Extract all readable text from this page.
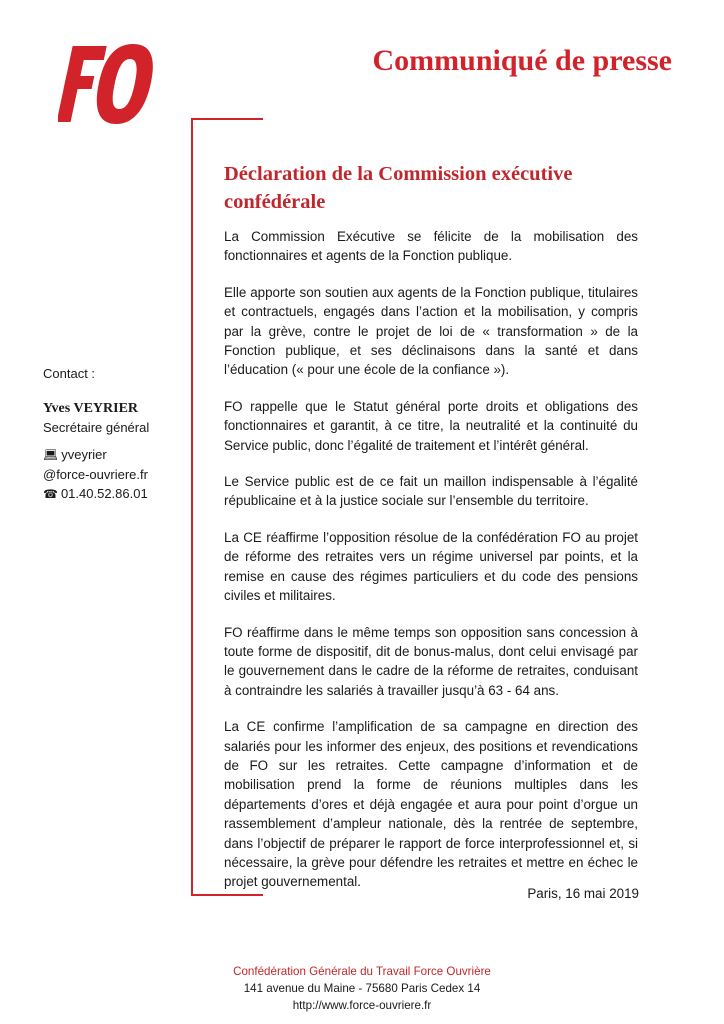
Communiqué de presse
Déclaration de la Commission exécutive confédérale

La Commission Exécutive se félicite de la mobilisation des fonctionnaires et agents de la Fonction publique.

Elle apporte son soutien aux agents de la Fonction publique, titulaires et contractuels, engagés dans l’action et la mobilisation, y compris par la grève, contre le projet de loi de « transformation » de la Fonction publique, et ses déclinaisons dans la santé et dans l’éducation (« pour une école de la confiance »).

FO rappelle que le Statut général porte droits et obligations des fonctionnaires et garantit, à ce titre, la neutralité et la continuité du Service public, donc l’égalité de traitement et l’intérêt général.

Le Service public est de ce fait un maillon indispensable à l’égalité républicaine et à la justice sociale sur l’ensemble du territoire.

La CE réaffirme l’opposition résolue de la confédération FO au projet de réforme des retraites vers un régime universel par points, et la remise en cause des régimes particuliers et du code des pensions civiles et militaires.

FO réaffirme dans le même temps son opposition sans concession à toute forme de dispositif, dit de bonus-malus, dont celui envisagé par le gouvernement dans le cadre de la réforme de retraites, conduisant à contraindre les salariés à travailler jusqu’à 63 - 64 ans.

La CE confirme l’amplification de sa campagne en direction des salariés pour les informer des enjeux, des positions et revendications de FO sur les retraites. Cette campagne d’information et de mobilisation prend la forme de réunions multiples dans les départements d’ores et déjà engagée et aura pour point d’orgue un rassemblement d’ampleur nationale, dès la rentrée de septembre, dans l’objectif de préparer le rapport de force interprofessionnel et, si nécessaire, la grève pour défendre les retraites et mettre en échec le projet gouvernemental.

Paris, 16 mai 2019
Contact :
Yves VEYRIER
Secrétaire général
💻︎ yveyrier
@force-ouvriere.fr
☎︎ 01.40.52.86.01
Confédération Générale du Travail Force Ouvrière
141 avenue du Maine - 75680 Paris Cedex 14
http://www.force-ouvriere.fr
